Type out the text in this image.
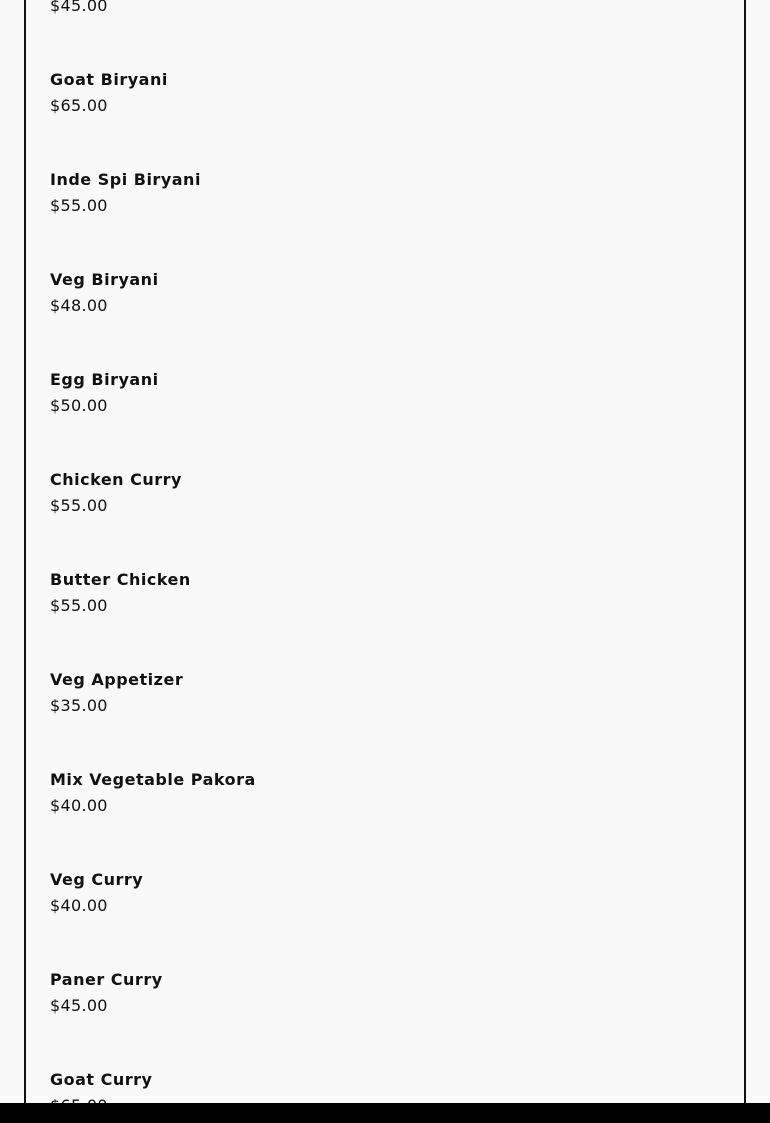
$45.00
Goat Biryani
$65.00
Inde Spi Biryani
$55.00
Veg Biryani
$48.00
Egg Biryani
$50.00
Chicken Curry
$55.00
Butter Chicken
$55.00
Veg Appetizer
$35.00
Mix Vegetable Pakora
$40.00
Veg Curry
$40.00
Paner Curry
$45.00
Goat Curry
